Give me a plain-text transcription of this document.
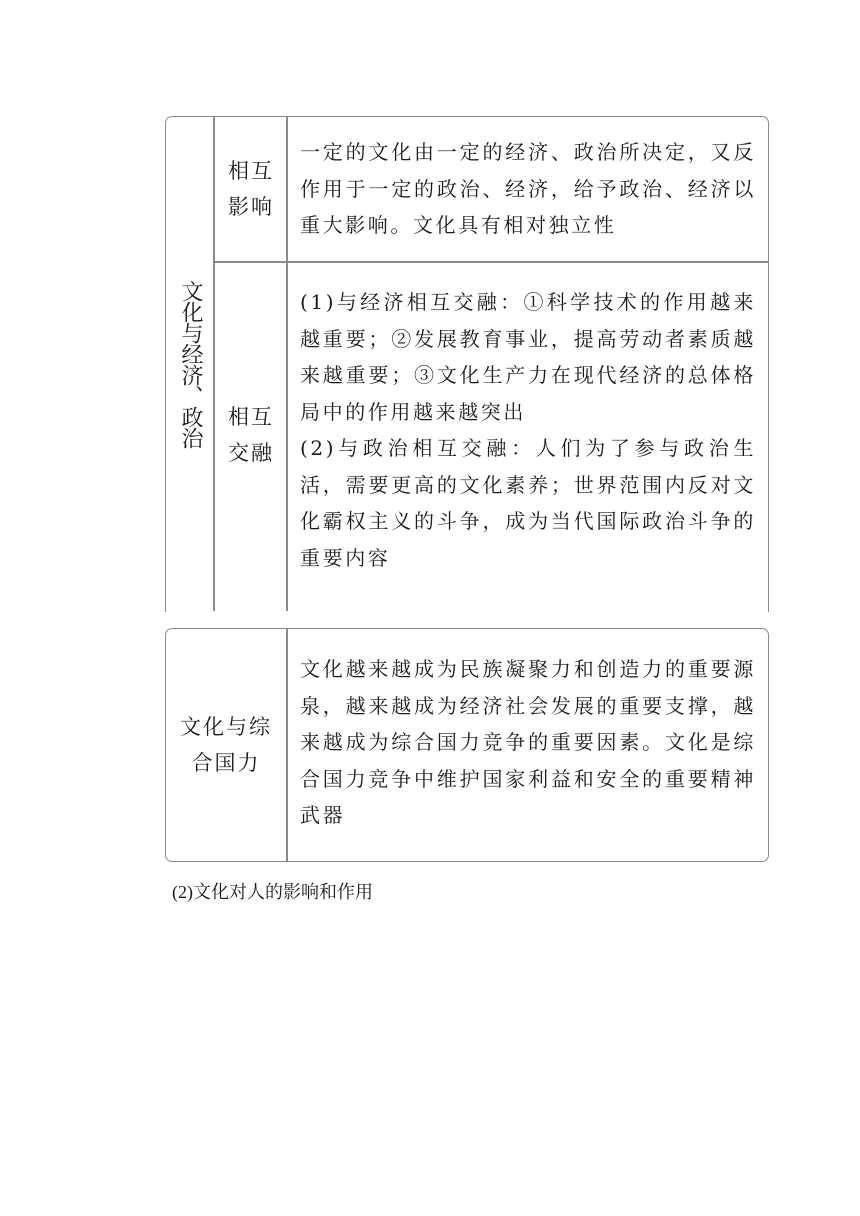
文化与经济、政治
相互
影响

一定的文化由一定的经济、政治所决定，又反作用于一定的政治、经济，给予政治、经济以重大影响。文化具有相对独立性

相互
交融

(1)与经济相互交融：①科学技术的作用越来越重要；②发展教育事业，提高劳动者素质越来越重要；③文化生产力在现代经济的总体格局中的作用越来越突出

(2)与政治相互交融：人们为了参与政治生活，需要更高的文化素养；世界范围内反对文化霸权主义的斗争，成为当代国际政治斗争的重要内容

文化与综
合国力

文化越来越成为民族凝聚力和创造力的重要源泉，越来越成为经济社会发展的重要支撑，越来越成为综合国力竞争的重要因素。文化是综合国力竞争中维护国家利益和安全的重要精神武器

(2)文化对人的影响和作用
